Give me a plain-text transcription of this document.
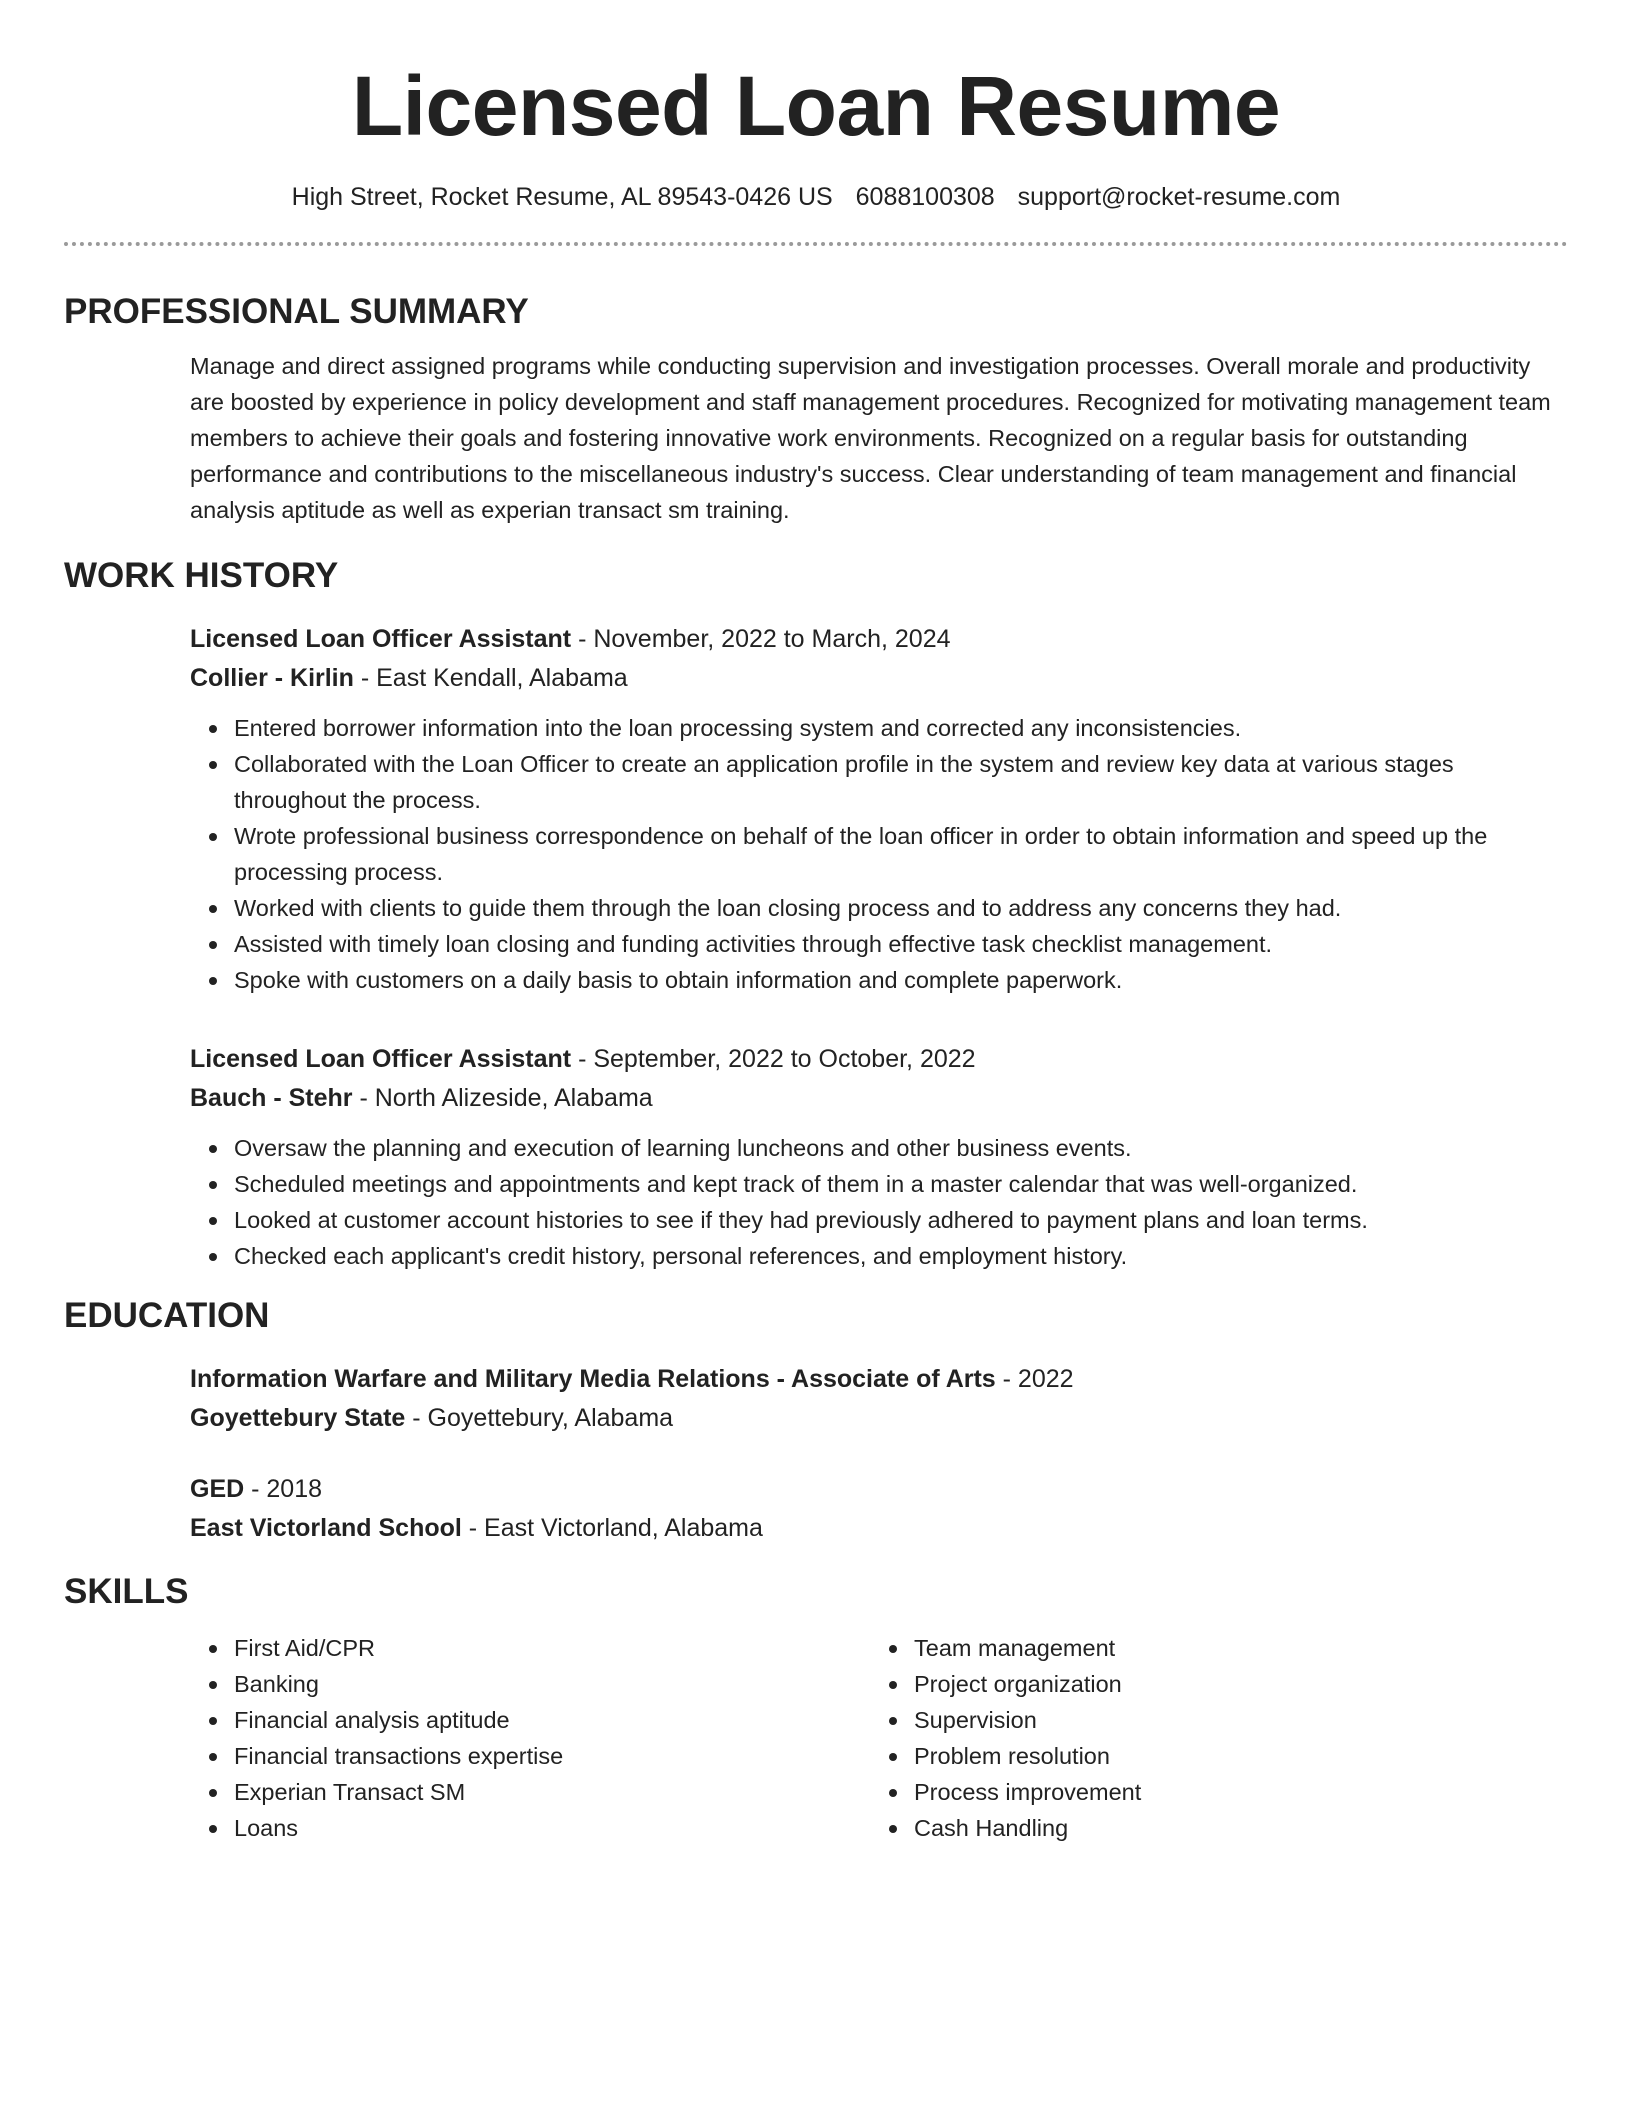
Licensed Loan Resume
High Street, Rocket Resume, AL 89543-0426 US 6088100308 support@rocket-resume.com
PROFESSIONAL SUMMARY

Manage and direct assigned programs while conducting supervision and investigation processes. Overall morale and productivity are boosted by experience in policy development and staff management procedures. Recognized for motivating management team members to achieve their goals and fostering innovative work environments. Recognized on a regular basis for outstanding performance and contributions to the miscellaneous industry's success. Clear understanding of team management and financial analysis aptitude as well as experian transact sm training.

WORK HISTORY
Licensed Loan Officer Assistant - November, 2022 to March, 2024
Collier - Kirlin - East Kendall, Alabama
Entered borrower information into the loan processing system and corrected any inconsistencies.
Collaborated with the Loan Officer to create an application profile in the system and review key data at various stages throughout the process.
Wrote professional business correspondence on behalf of the loan officer in order to obtain information and speed up the processing process.
Worked with clients to guide them through the loan closing process and to address any concerns they had.
Assisted with timely loan closing and funding activities through effective task checklist management.
Spoke with customers on a daily basis to obtain information and complete paperwork.
Licensed Loan Officer Assistant - September, 2022 to October, 2022
Bauch - Stehr - North Alizeside, Alabama
Oversaw the planning and execution of learning luncheons and other business events.
Scheduled meetings and appointments and kept track of them in a master calendar that was well-organized.
Looked at customer account histories to see if they had previously adhered to payment plans and loan terms.
Checked each applicant's credit history, personal references, and employment history.
EDUCATION
Information Warfare and Military Media Relations - Associate of Arts - 2022
Goyettebury State - Goyettebury, Alabama
GED - 2018
East Victorland School - East Victorland, Alabama
SKILLS
First Aid/CPR
Banking
Financial analysis aptitude
Financial transactions expertise
Experian Transact SM
Loans
Team management
Project organization
Supervision
Problem resolution
Process improvement
Cash Handling
